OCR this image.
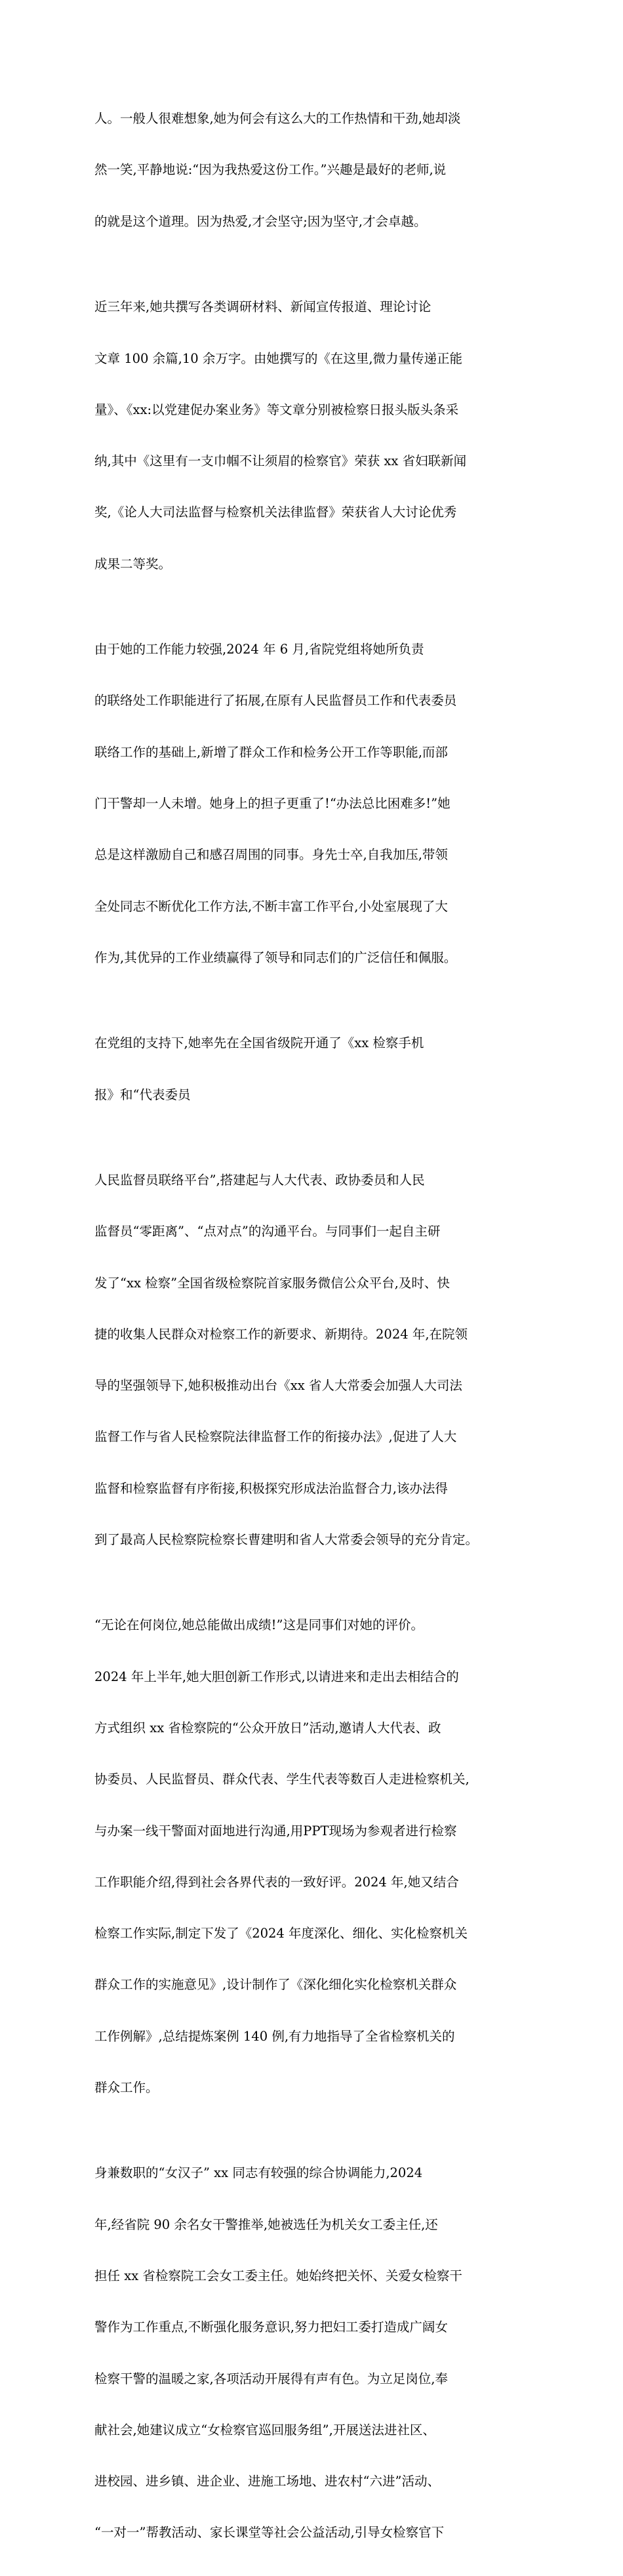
人。一般人很难想象,她为何会有这么大的工作热情和干劲,她却淡

然一笑,平静地说:“因为我热爱这份工作。”兴趣是最好的老师,说

的就是这个道理。因为热爱,才会坚守;因为坚守,才会卓越。

近三年来,她共撰写各类调研材料、新闻宣传报道、理论讨论

文章 100 余篇,10 余万字。由她撰写的《在这里,微力量传递正能

量》、《xx:以党建促办案业务》等文章分别被检察日报头版头条采

纳,其中《这里有一支巾帼不让须眉的检察官》荣获 xx 省妇联新闻

奖,《论人大司法监督与检察机关法律监督》荣获省人大讨论优秀

成果二等奖。

由于她的工作能力较强,2024 年 6 月,省院党组将她所负责

的联络处工作职能进行了拓展,在原有人民监督员工作和代表委员

联络工作的基础上,新增了群众工作和检务公开工作等职能,而部

门干警却一人未增。她身上的担子更重了!“办法总比困难多!”她

总是这样激励自己和感召周围的同事。身先士卒,自我加压,带领

全处同志不断优化工作方法,不断丰富工作平台,小处室展现了大

作为,其优异的工作业绩赢得了领导和同志们的广泛信任和佩服。

在党组的支持下,她率先在全国省级院开通了《xx 检察手机

报》和“代表委员

人民监督员联络平台”,搭建起与人大代表、政协委员和人民

监督员“零距离”、“点对点”的沟通平台。与同事们一起自主研

发了“xx 检察”全国省级检察院首家服务微信公众平台,及时、快

捷的收集人民群众对检察工作的新要求、新期待。2024 年,在院领

导的坚强领导下,她积极推动出台《xx 省人大常委会加强人大司法

监督工作与省人民检察院法律监督工作的衔接办法》,促进了人大

监督和检察监督有序衔接,积极探究形成法治监督合力,该办法得

到了最高人民检察院检察长曹建明和省人大常委会领导的充分肯定。

“无论在何岗位,她总能做出成绩!”这是同事们对她的评价。

2024 年上半年,她大胆创新工作形式,以请进来和走出去相结合的

方式组织 xx 省检察院的“公众开放日”活动,邀请人大代表、政

协委员、人民监督员、群众代表、学生代表等数百人走进检察机关,

与办案一线干警面对面地进行沟通,用PPT现场为参观者进行检察

工作职能介绍,得到社会各界代表的一致好评。2024 年,她又结合

检察工作实际,制定下发了《2024 年度深化、细化、实化检察机关

群众工作的实施意见》,设计制作了《深化细化实化检察机关群众

工作例解》,总结提炼案例 140 例,有力地指导了全省检察机关的

群众工作。

身兼数职的“女汉子” xx 同志有较强的综合协调能力,2024

年,经省院 90 余名女干警推举,她被选任为机关女工委主任,还

担任 xx 省检察院工会女工委主任。她始终把关怀、关爱女检察干

警作为工作重点,不断强化服务意识,努力把妇工委打造成广阔女

检察干警的温暖之家,各项活动开展得有声有色。为立足岗位,奉

献社会,她建议成立“女检察官巡回服务组”,开展送法进社区、

进校园、进乡镇、进企业、进施工场地、进农村“六进”活动、

“一对一”帮教活动、家长课堂等社会公益活动,引导女检察官下
